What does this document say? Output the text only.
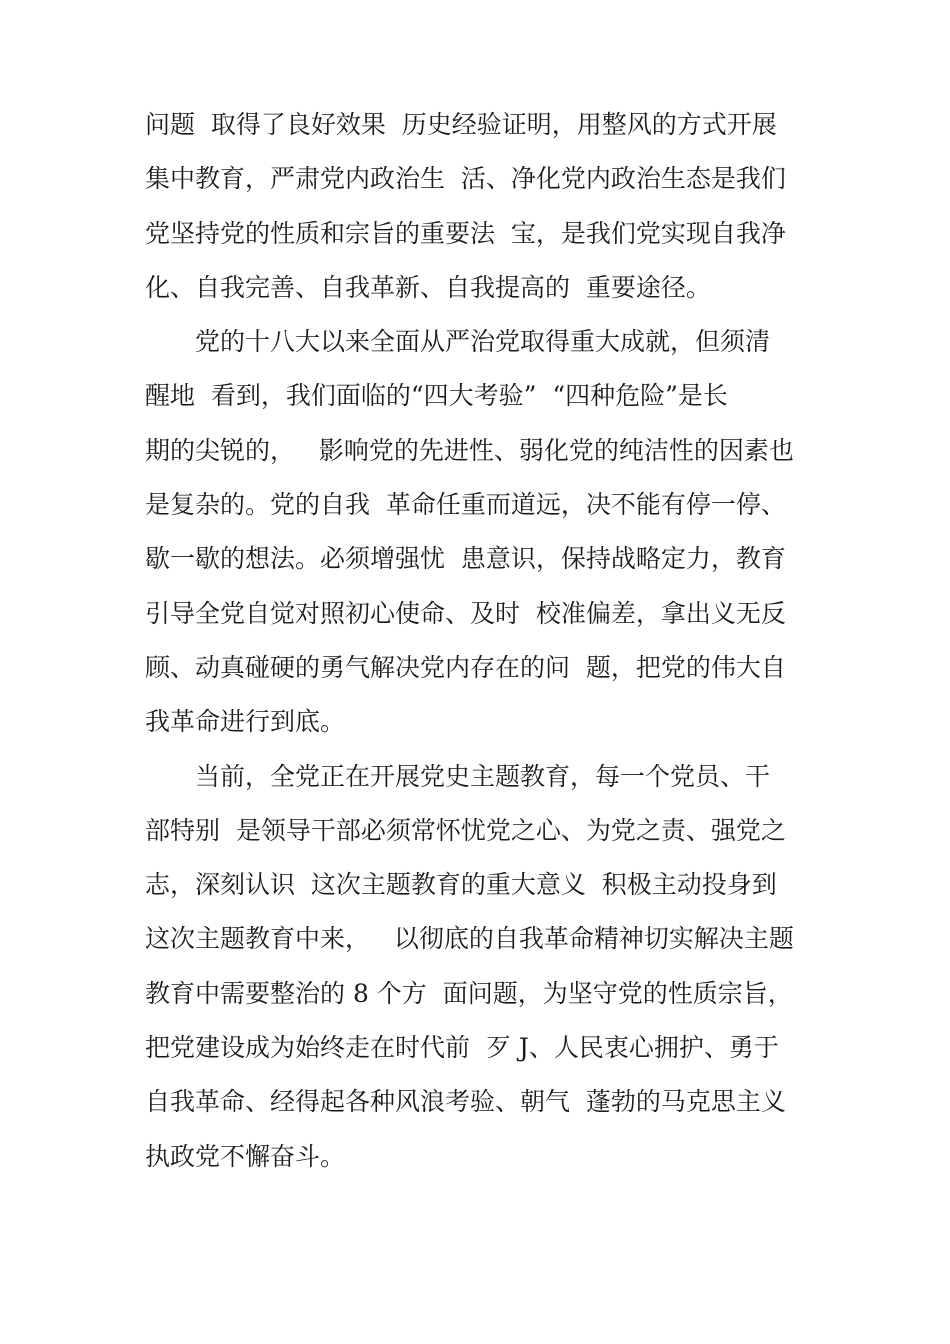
问题  取得了良好效果  历史经验证明，用整风的方式开展
集中教育，严肃党内政治生  活、净化党内政治生态是我们
党坚持党的性质和宗旨的重要法  宝，是我们党实现自我净
化、自我完善、自我革新、自我提高的  重要途径。
党的十八大以来全面从严治党取得重大成就，但须清
醒地  看到，我们面临的“四大考验”  “四种危险”是长
期的尖锐的，   影响党的先进性、弱化党的纯洁性的因素也
是复杂的。党的自我  革命任重而道远，决不能有停一停、
歇一歇的想法。必须增强忧  患意识，保持战略定力，教育
引导全党自觉对照初心使命、及时  校准偏差，拿出义无反
顾、动真碰硬的勇气解决党内存在的问  题，把党的伟大自
我革命进行到底。
当前，全党正在开展党史主题教育，每一个党员、干
部特别  是领导干部必须常怀忧党之心、为党之责、强党之
志，深刻认识  这次主题教育的重大意义  积极主动投身到
这次主题教育中来，   以彻底的自我革命精神切实解决主题
教育中需要整治的 8 个方  面问题，为坚守党的性质宗旨，
把党建设成为始终走在时代前  歹 J、人民衷心拥护、勇于
自我革命、经得起各种风浪考验、朝气  蓬勃的马克思主义
执政党不懈奋斗。
